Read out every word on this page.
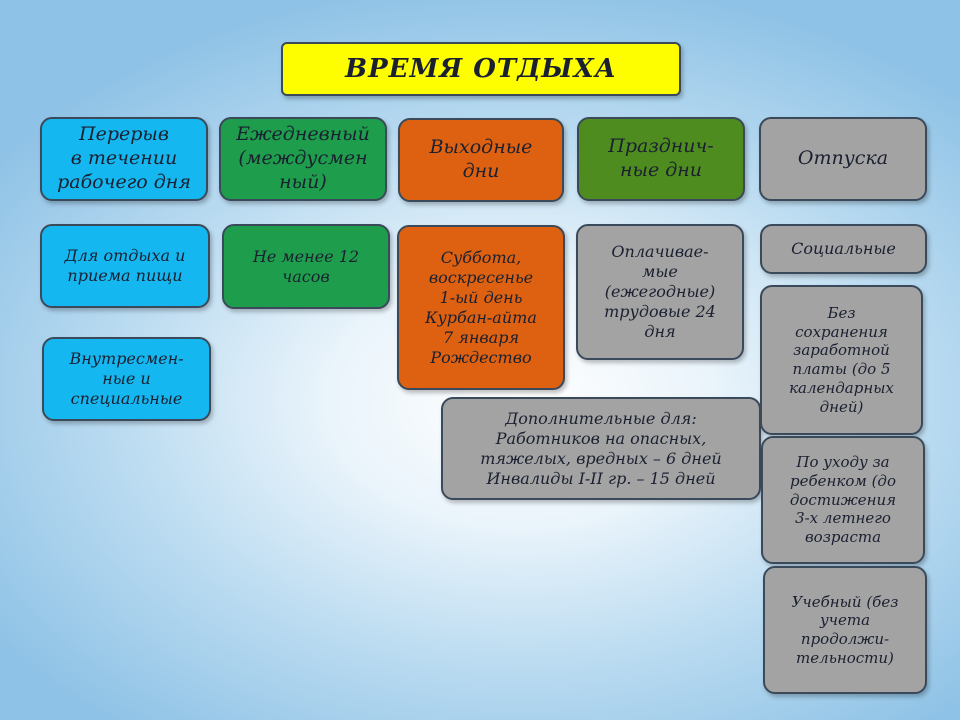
ВРЕМЯ ОТДЫХА
Перерыв
в течении
рабочего дня
Ежедневный
(междусмен
ный)
Выходные
дни
Празднич-
ные дни
Отпуска
Для отдыха и
приема пищи
Внутресмен-
ные и
специальные
Не менее 12
часов
Суббота,
воскресенье
1-ый день
Курбан-айта
7 января
Рождество
Оплачивае-
мые
(ежегодные)
трудовые 24
дня
Дополнительные для:
Работников на опасных,
тяжелых, вредных – 6 дней
Инвалиды I-II гр. – 15 дней
Социальные
Без
сохранения
заработной
платы (до 5
календарных
дней)
По уходу за
ребенком (до
достижения
3-х летнего
возраста
Учебный (без
учета
продолжи-
тельности)
